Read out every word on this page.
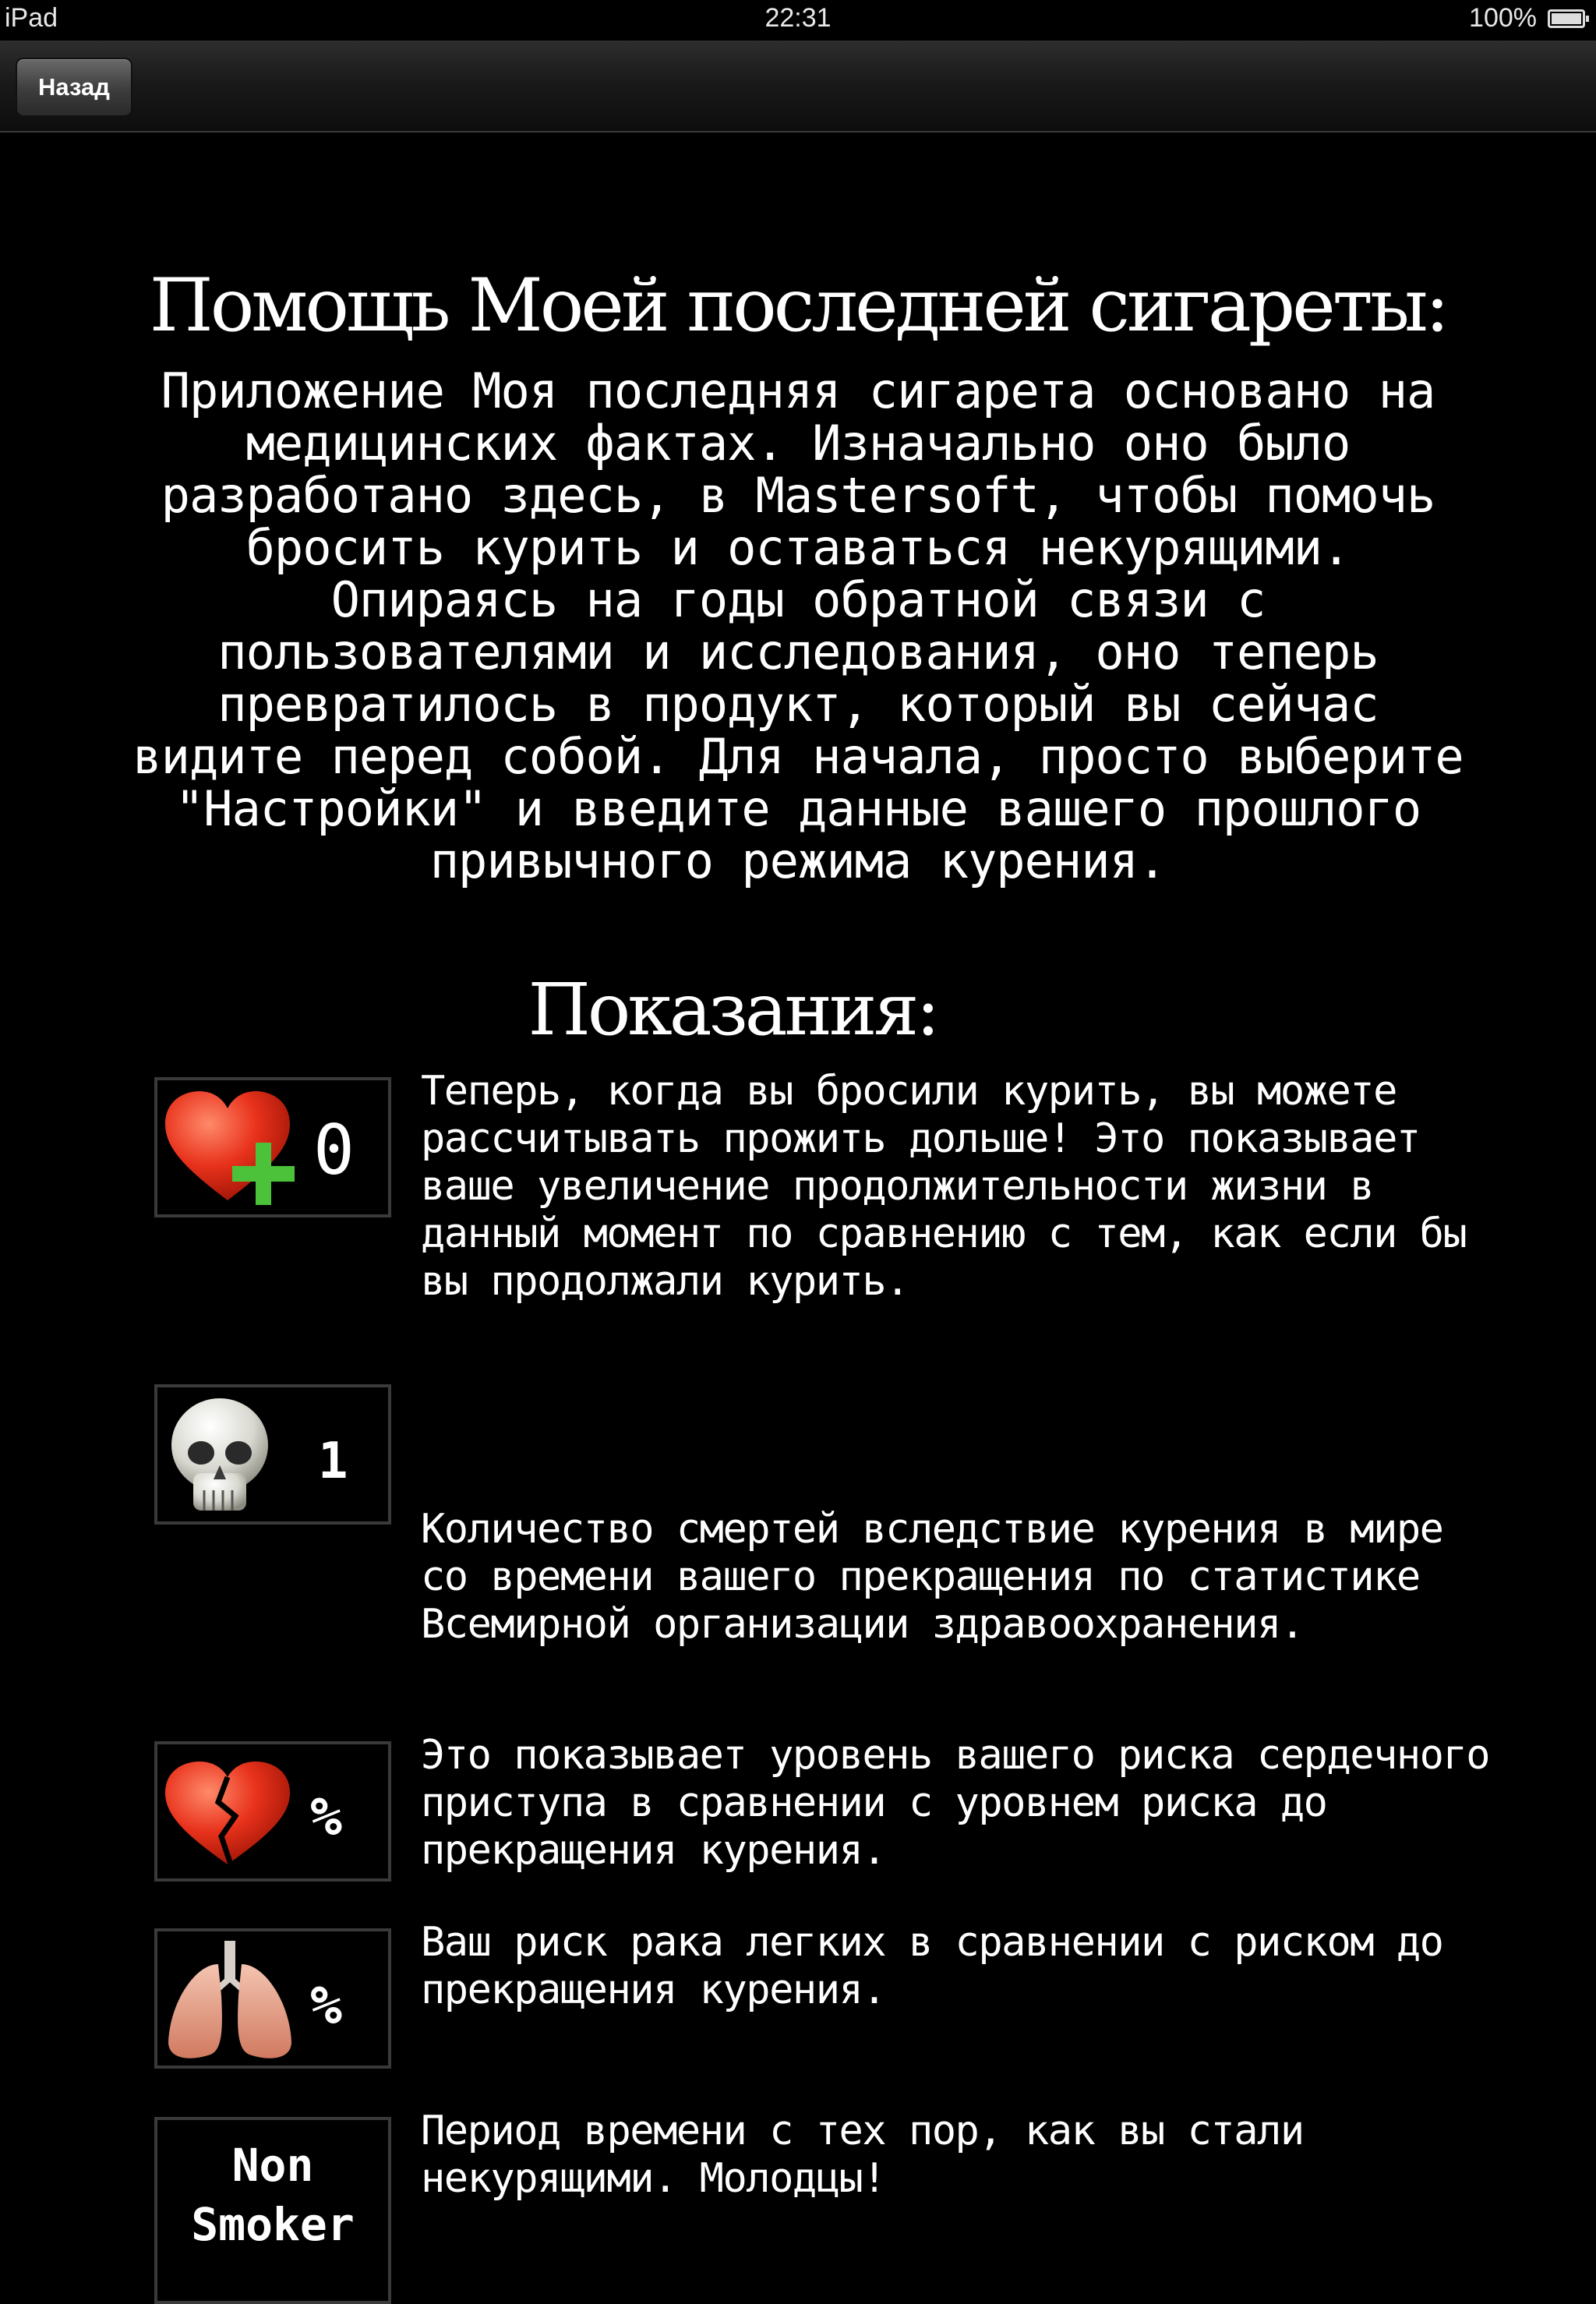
iPad	22:31	100%
Назад
Помощь Моей последней сигареты:

Приложение Моя последняя сигарета основано на медицинских фактах. Изначально оно было разработано здесь, в Mastersoft, чтобы помочь бросить курить и оставаться некурящими. Опираясь на годы обратной связи с пользователями и исследования, оно теперь превратилось в продукт, который вы сейчас видите перед собой. Для начала, просто выберите "Настройки" и введите данные вашего прошлого привычного режима курения.

Показания:
0

Теперь, когда вы бросили курить, вы можете рассчитывать прожить дольше! Это показывает ваше увеличение продолжительности жизни в данный момент по сравнению с тем, как если бы вы продолжали курить.

1

Количество смертей вследствие курения в мире со времени вашего прекращения по статистике Всемирной организации здравоохранения.

%

Это показывает уровень вашего риска сердечного приступа в сравнении с уровнем риска до прекращения курения.

%

Ваш риск рака легких в сравнении с риском до прекращения курения.

Non Smoker

Период времени с тех пор, как вы стали некурящими. Молодцы!
